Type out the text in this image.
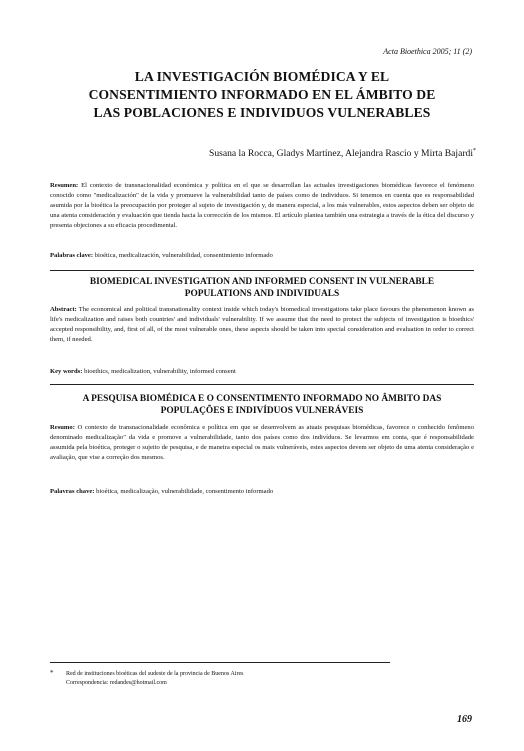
Acta Bioethica 2005; 11 (2)
LA INVESTIGACIÓN BIOMÉDICA Y EL
CONSENTIMIENTO INFORMADO EN EL ÁMBITO DE
LAS POBLACIONES E INDIVIDUOS VULNERABLES
Susana la Rocca, Gladys Martínez, Alejandra Rascio y Mirta Bajardi*
Resumen: El contexto de transnacionalidad económica y política en el que se desarrollan las actuales investigaciones biomédicas favorece el fenómeno conocido como "medicalización" de la vida y promueve la vulnerabilidad tanto de países como de individuos. Si tenemos en cuenta que es responsabilidad asumida por la bioética la preocupación por proteger al sujeto de investigación y, de manera especial, a los más vulnerables, estos aspectos deben ser objeto de una atenta consideración y evaluación que tienda hacia la corrección de los mismos. El artículo plantea también una estrategia a través de la ética del discurso y presenta objeciones a su eficacia procedimental.
Palabras clave: bioética, medicalización, vulnerabilidad, consentimiento informado
BIOMEDICAL INVESTIGATION AND INFORMED CONSENT IN VULNERABLE
POPULATIONS AND INDIVIDUALS
Abstract: The economical and political transnationality context inside which today's biomedical investigations take place favours the phenomenon known as life's medicalization and raises both countries' and individuals' vulnerability. If we assume that the need to protect the subjects of investigation is bioethics' accepted responsibility, and, first of all, of the most vulnerable ones, these aspects should be taken into special consideration and evaluation in order to correct them, if needed.
Key words: bioethics, medicalization, vulnerability, informed consent
A PESQUISA BIOMÉDICA E O CONSENTIMENTO INFORMADO NO ÂMBITO DAS
POPULAÇÕES E INDIVÍDUOS VULNERÁVEIS
Resumo: O contexto de transnacionalidade econômica e política em que se desenvolvem as atuais pesquisas biomédicas, favorece o conhecido fenômeno denominado medicalização" da vida e promove a vulnerabilidade, tanto dos países como dos indivíduos. Se levarmos em conta, que é responsabilidade assumida pela bioética, proteger o sujeito de pesquisa, e de maneira especial os mais vulneráveis, estes aspectos devem ser objeto de uma atenta consideração e avaliação, que vise a correção dos mesmos.
Palavras chave: bioética, medicalização, vulnerabilidade, consentimento informado
*	Red de instituciones bioéticas del sudeste de la provincia de Buenos Aires
Correspondencia: redandes@hotmail.com
169
